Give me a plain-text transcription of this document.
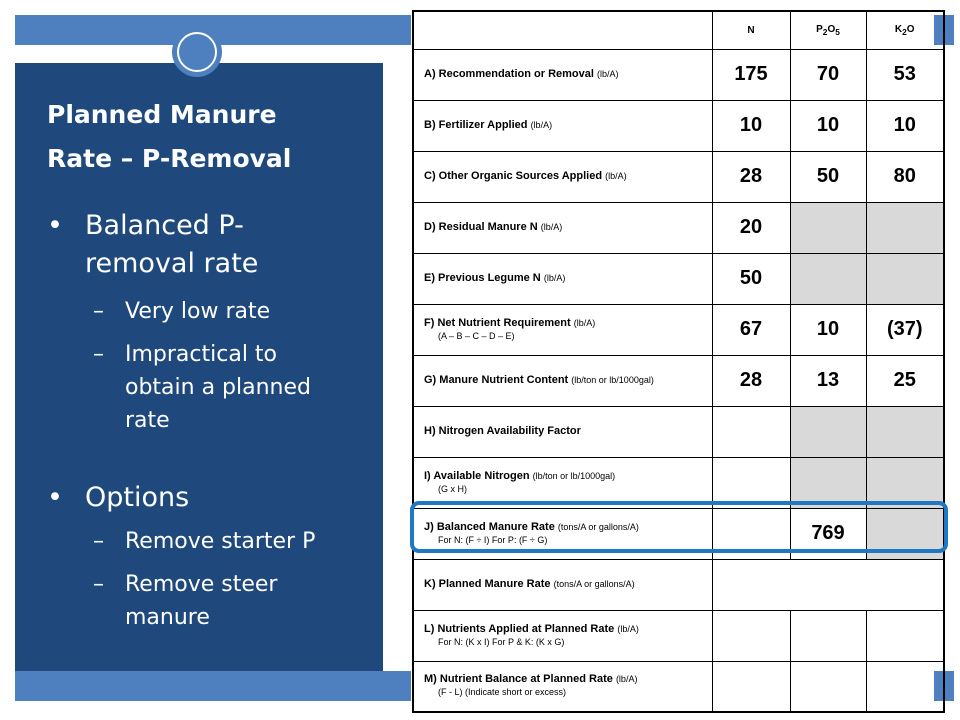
Planned Manure
Rate – P-Removal
• Balanced P-removal rate
– Very low rate
– Impractical to obtain a planned rate
• Options
– Remove starter P
– Remove steer manure
	N	$P_2O_5$	$K_2O$
A) Recommendation or Removal (lb/A)	175	70	53
B) Fertilizer Applied (lb/A)	10	10	10
C) Other Organic Sources Applied (lb/A)	28	50	80
D) Residual Manure N (lb/A)	20		
E) Previous Legume N (lb/A)	50		
F) Net Nutrient Requirement (lb/A)
(A – B – C – D – E)	67	10	(37)
G) Manure Nutrient Content (lb/ton or lb/1000gal)	28	13	25
H) Nitrogen Availability Factor			
I) Available Nitrogen (lb/ton or lb/1000gal)
(G x H)			

J) Balanced Manure Rate (tons/A or gallons/A)
For N: (F ÷ I) For P: (F ÷ G)		769	
K) Planned Manure Rate (tons/A or gallons/A)			
L) Nutrients Applied at Planned Rate (lb/A)
For N: (K x I) For P & K: (K x G)			

M) Nutrient Balance at Planned Rate (lb/A)
(F - L) (Indicate short or excess)			
